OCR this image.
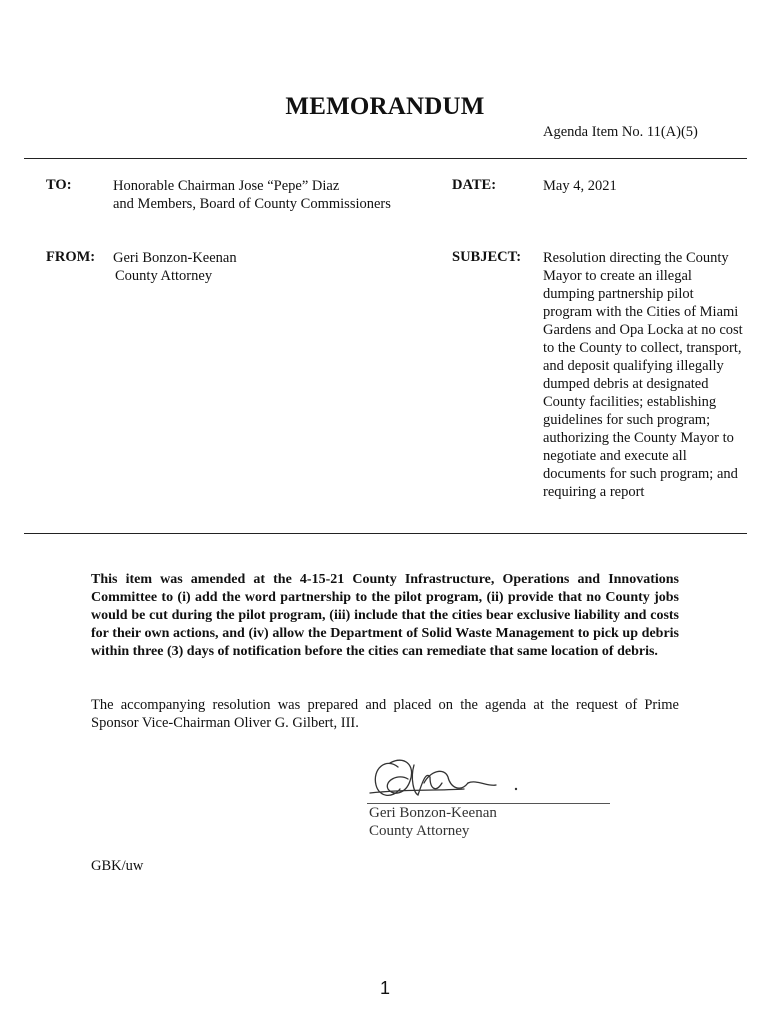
MEMORANDUM
Agenda Item No. 11(A)(5)
TO:	Honorable Chairman Jose “Pepe” Diaz
and Members, Board of County Commissioners
DATE:	May 4, 2021
FROM: Geri Bonzon-Keenan
County Attorney
SUBJECT: Resolution directing the County Mayor to create an illegal dumping partnership pilot program with the Cities of Miami Gardens and Opa Locka at no cost to the County to collect, transport, and deposit qualifying illegally dumped debris at designated County facilities; establishing guidelines for such program; authorizing the County Mayor to negotiate and execute all documents for such program; and requiring a report
This item was amended at the 4-15-21 County Infrastructure, Operations and Innovations Committee to (i) add the word partnership to the pilot program, (ii) provide that no County jobs would be cut during the pilot program, (iii) include that the cities bear exclusive liability and costs for their own actions, and (iv) allow the Department of Solid Waste Management to pick up debris within three (3) days of notification before the cities can remediate that same location of debris.
The accompanying resolution was prepared and placed on the agenda at the request of Prime Sponsor Vice-Chairman Oliver G. Gilbert, III.
Geri Bonzon-Keenan
County Attorney
GBK/uw
1
